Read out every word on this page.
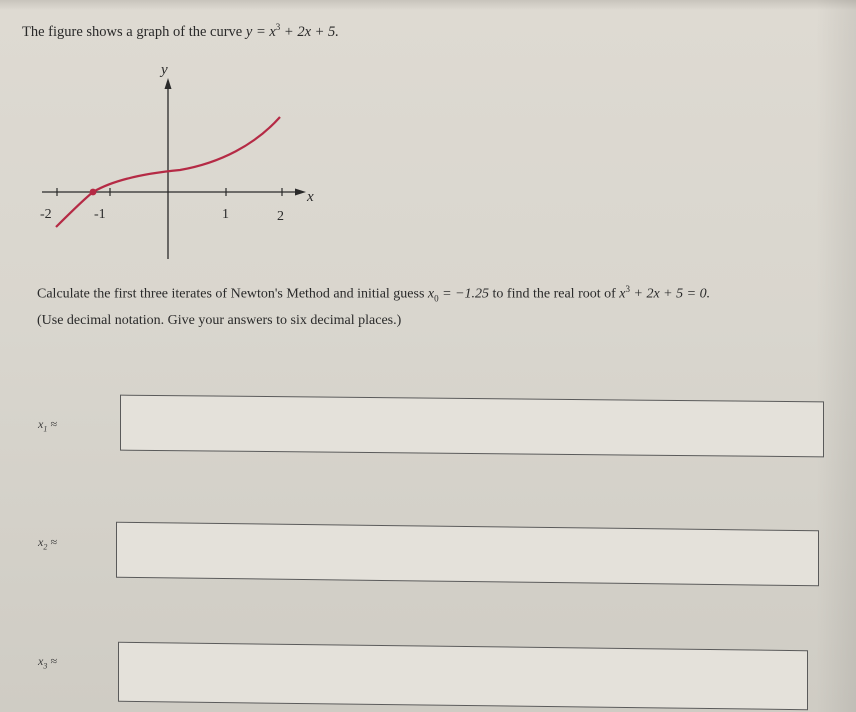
The figure shows a graph of the curve $y = x^3 + 2x + 5$.
y
x
-2	-1	1	2
Calculate the first three iterates of Newton's Method and initial guess $x_0 = -1.25$ to find the real root of $x^3 + 2x + 5 = 0$.
(Use decimal notation. Give your answers to six decimal places.)
$x_1$ ≈
$x_2$ ≈
$x_3$ ≈
